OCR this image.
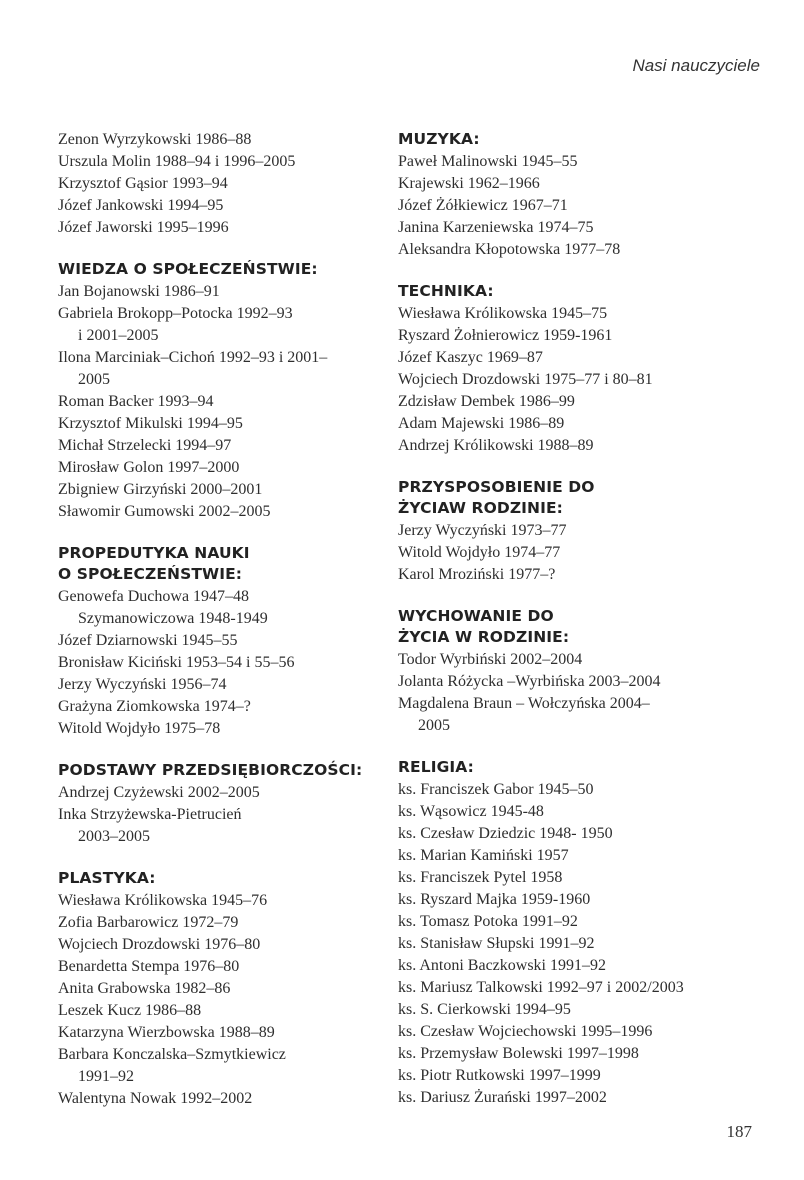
Nasi nauczyciele
Zenon Wyrzykowski 1986–88
Urszula Molin 1988–94 i 1996–2005
Krzysztof Gąsior 1993–94
Józef Jankowski 1994–95
Józef Jaworski 1995–1996
WIEDZA O SPOŁECZEŃSTWIE:
Jan Bojanowski 1986–91
Gabriela Brokopp–Potocka 1992–93
i 2001–2005
Ilona Marciniak–Cichoń 1992–93 i 2001–
2005
Roman Backer 1993–94
Krzysztof Mikulski 1994–95
Michał Strzelecki 1994–97
Mirosław Golon 1997–2000
Zbigniew Girzyński 2000–2001
Sławomir Gumowski 2002–2005
PROPEDUTYKA NAUKI O SPOŁECZEŃSTWIE:
Genowefa Duchowa 1947–48
Szymanowiczowa 1948-1949
Józef Dziarnowski 1945–55
Bronisław Kiciński 1953–54 i 55–56
Jerzy Wyczyński 1956–74
Grażyna Ziomkowska 1974–?
Witold Wojdyło 1975–78
PODSTAWY PRZEDSIĘBIORCZOŚCI:
Andrzej Czyżewski 2002–2005
Inka Strzyżewska-Pietrucień
2003–2005
PLASTYKA:
Wiesława Królikowska 1945–76
Zofia Barbarowicz 1972–79
Wojciech Drozdowski 1976–80
Benardetta Stempa 1976–80
Anita Grabowska 1982–86
Leszek Kucz 1986–88
Katarzyna Wierzbowska 1988–89
Barbara Konczalska–Szmytkiewicz
1991–92
Walentyna Nowak 1992–2002
MUZYKA:
Paweł Malinowski 1945–55
Krajewski 1962–1966
Józef Żółkiewicz 1967–71
Janina Karzeniewska 1974–75
Aleksandra Kłopotowska 1977–78
TECHNIKA:
Wiesława Królikowska 1945–75
Ryszard Żołnierowicz 1959-1961
Józef Kaszyc 1969–87
Wojciech Drozdowski 1975–77 i 80–81
Zdzisław Dembek 1986–99
Adam Majewski 1986–89
Andrzej Królikowski 1988–89
PRZYSPOSOBIENIE DO ŻYCIAW RODZINIE:
Jerzy Wyczyński 1973–77
Witold Wojdyło 1974–77
Karol Mroziński 1977–?
WYCHOWANIE DO ŻYCIA W RODZINIE:
Todor Wyrbiński 2002–2004
Jolanta Różycka –Wyrbińska 2003–2004
Magdalena Braun – Wołczyńska 2004–
2005
RELIGIA:
ks. Franciszek Gabor 1945–50
ks. Wąsowicz 1945-48
ks. Czesław Dziedzic 1948- 1950
ks. Marian Kamiński 1957
ks. Franciszek Pytel 1958
ks. Ryszard Majka 1959-1960
ks. Tomasz Potoka 1991–92
ks. Stanisław Słupski 1991–92
ks. Antoni Baczkowski 1991–92
ks. Mariusz Talkowski 1992–97 i 2002/2003
ks. S. Cierkowski 1994–95
ks. Czesław Wojciechowski 1995–1996
ks. Przemysław Bolewski 1997–1998
ks. Piotr Rutkowski 1997–1999
ks. Dariusz Żurański 1997–2002
187
